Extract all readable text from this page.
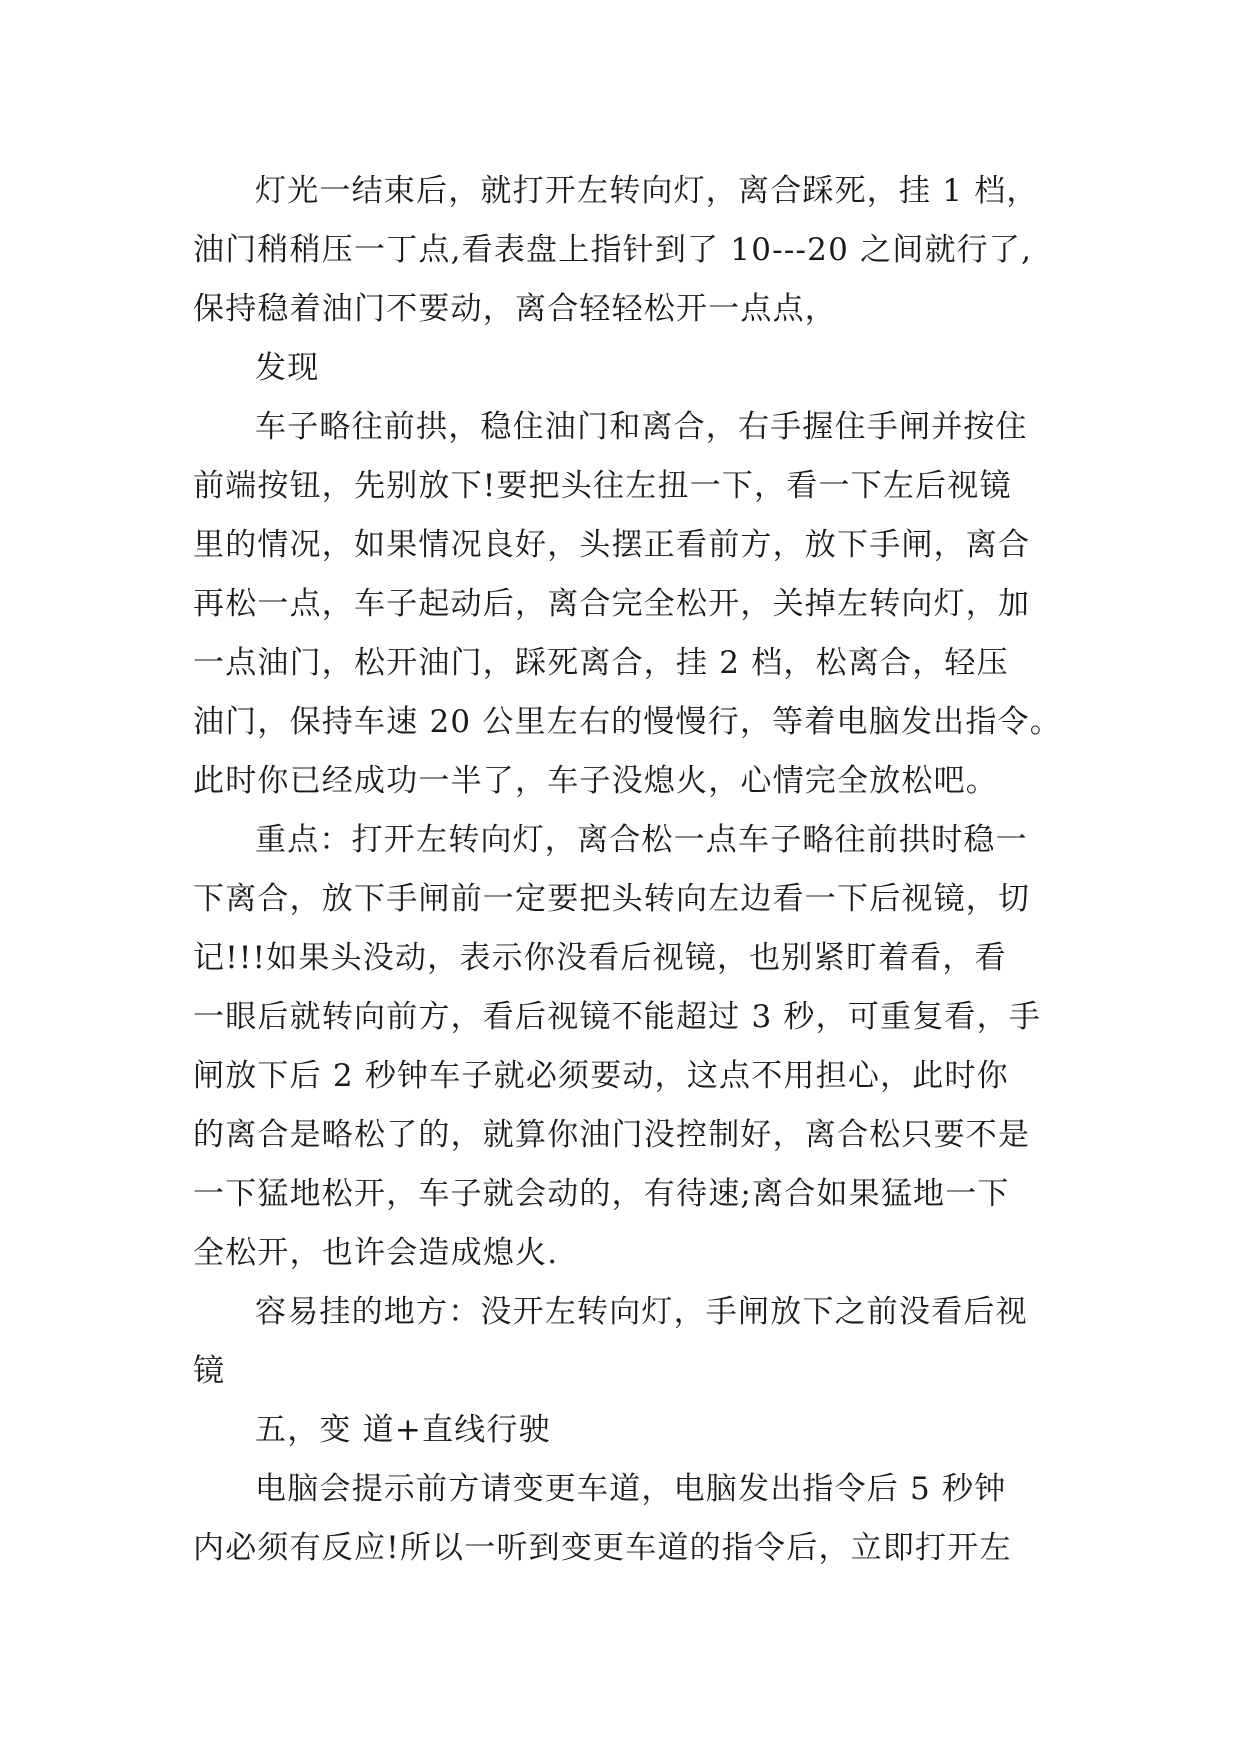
灯光一结束后，就打开左转向灯，离合踩死，挂 1 档，
油门稍稍压一丁点,看表盘上指针到了 10---20 之间就行了,
保持稳着油门不要动，离合轻轻松开一点点，
发现
车子略往前拱，稳住油门和离合，右手握住手闸并按住
前端按钮，先别放下!要把头往左扭一下，看一下左后视镜
里的情况，如果情况良好，头摆正看前方，放下手闸，离合
再松一点，车子起动后，离合完全松开，关掉左转向灯，加
一点油门，松开油门，踩死离合，挂 2 档，松离合，轻压
油门，保持车速 20 公里左右的慢慢行，等着电脑发出指令。
此时你已经成功一半了，车子没熄火，心情完全放松吧。
重点：打开左转向灯，离合松一点车子略往前拱时稳一
下离合，放下手闸前一定要把头转向左边看一下后视镜，切
记!!!如果头没动，表示你没看后视镜，也别紧盯着看，看
一眼后就转向前方，看后视镜不能超过 3 秒，可重复看，手
闸放下后 2 秒钟车子就必须要动，这点不用担心，此时你
的离合是略松了的，就算你油门没控制好，离合松只要不是
一下猛地松开，车子就会动的，有待速;离合如果猛地一下
全松开，也许会造成熄火.
容易挂的地方：没开左转向灯，手闸放下之前没看后视
镜
五，变 道+直线行驶
电脑会提示前方请变更车道，电脑发出指令后 5 秒钟
内必须有反应!所以一听到变更车道的指令后，立即打开左
